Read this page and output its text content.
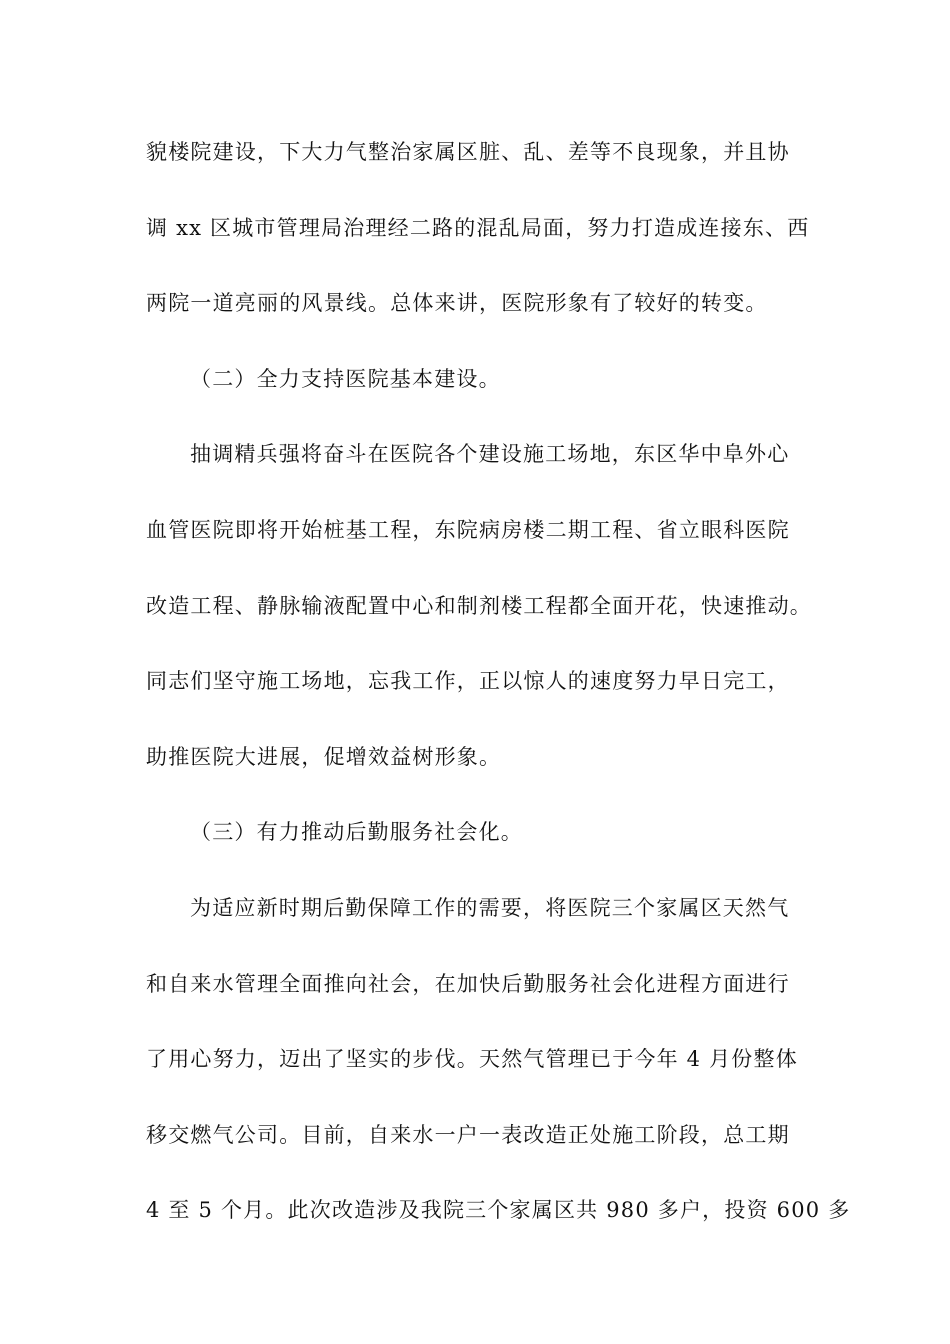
貌楼院建设，下大力气整治家属区脏、乱、差等不良现象，并且协
调 xx 区城市管理局治理经二路的混乱局面，努力打造成连接东、西
两院一道亮丽的风景线。总体来讲，医院形象有了较好的转变。
（二）全力支持医院基本建设。
抽调精兵强将奋斗在医院各个建设施工场地，东区华中阜外心
血管医院即将开始桩基工程，东院病房楼二期工程、省立眼科医院
改造工程、静脉输液配置中心和制剂楼工程都全面开花，快速推动。
同志们坚守施工场地，忘我工作，正以惊人的速度努力早日完工，
助推医院大进展，促增效益树形象。
（三）有力推动后勤服务社会化。
为适应新时期后勤保障工作的需要，将医院三个家属区天然气
和自来水管理全面推向社会，在加快后勤服务社会化进程方面进行
了用心努力，迈出了坚实的步伐。天然气管理已于今年 4 月份整体
移交燃气公司。目前，自来水一户一表改造正处施工阶段，总工期
4 至 5 个月。此次改造涉及我院三个家属区共 980 多户，投资 600 多
